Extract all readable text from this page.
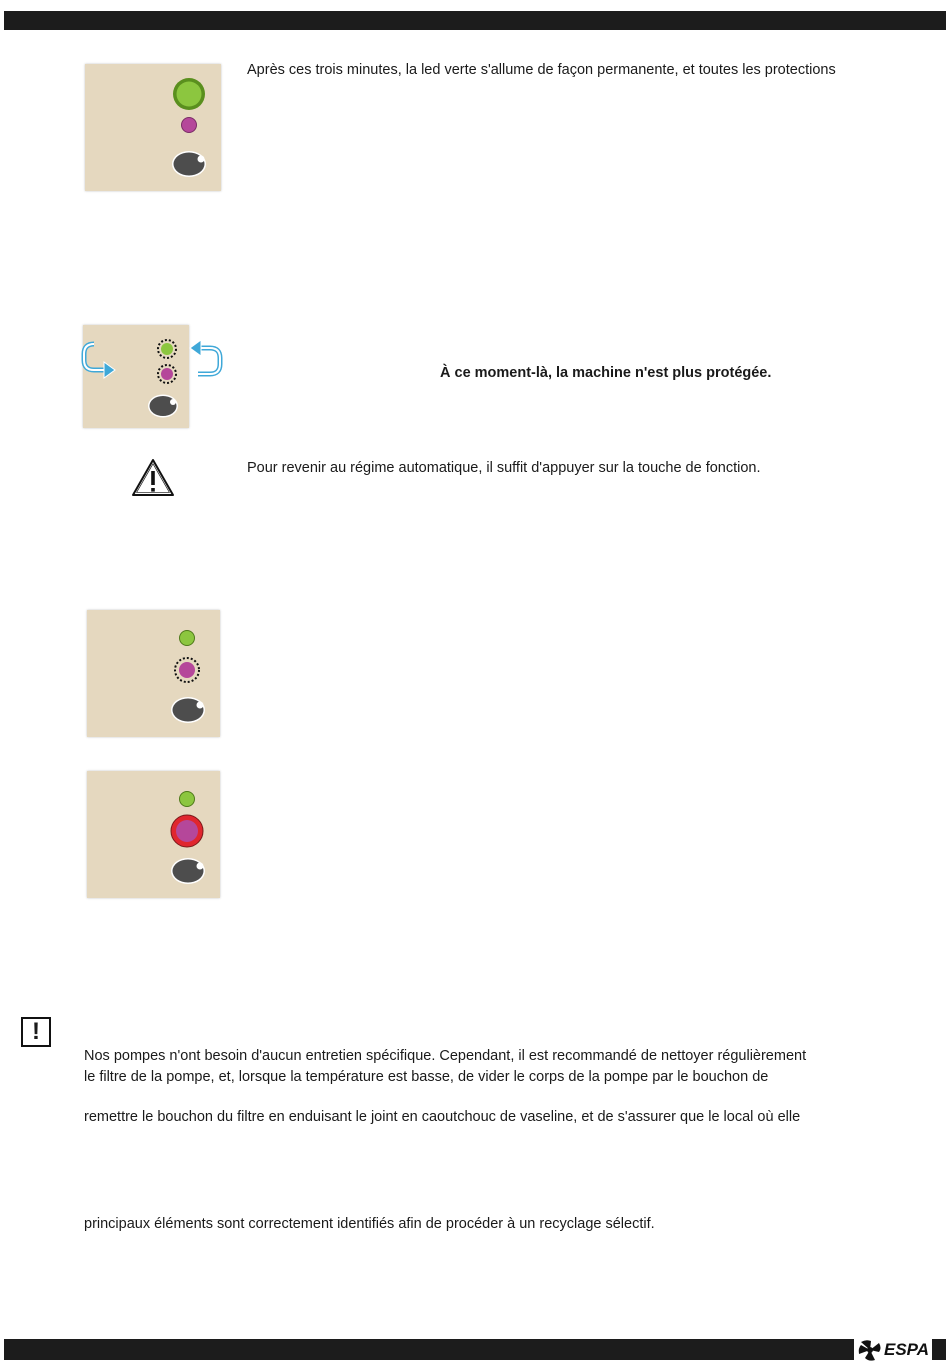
Après ces trois minutes, la led verte s'allume de façon permanente, et toutes les protections
À ce moment-là, la machine n'est plus protégée.
Pour revenir au régime automatique, il suffit d'appuyer sur la touche de fonction.
!
Nos pompes n'ont besoin d'aucun entretien spécifique. Cependant, il est recommandé de nettoyer régulièrement
le filtre de la pompe, et, lorsque la température est basse, de vider le corps de la pompe par le bouchon de
remettre le bouchon du filtre en enduisant le joint en caoutchouc de vaseline, et de s'assurer que le local où elle
principaux éléments sont correctement identifiés afin de procéder à un recyclage sélectif.
ESPA
